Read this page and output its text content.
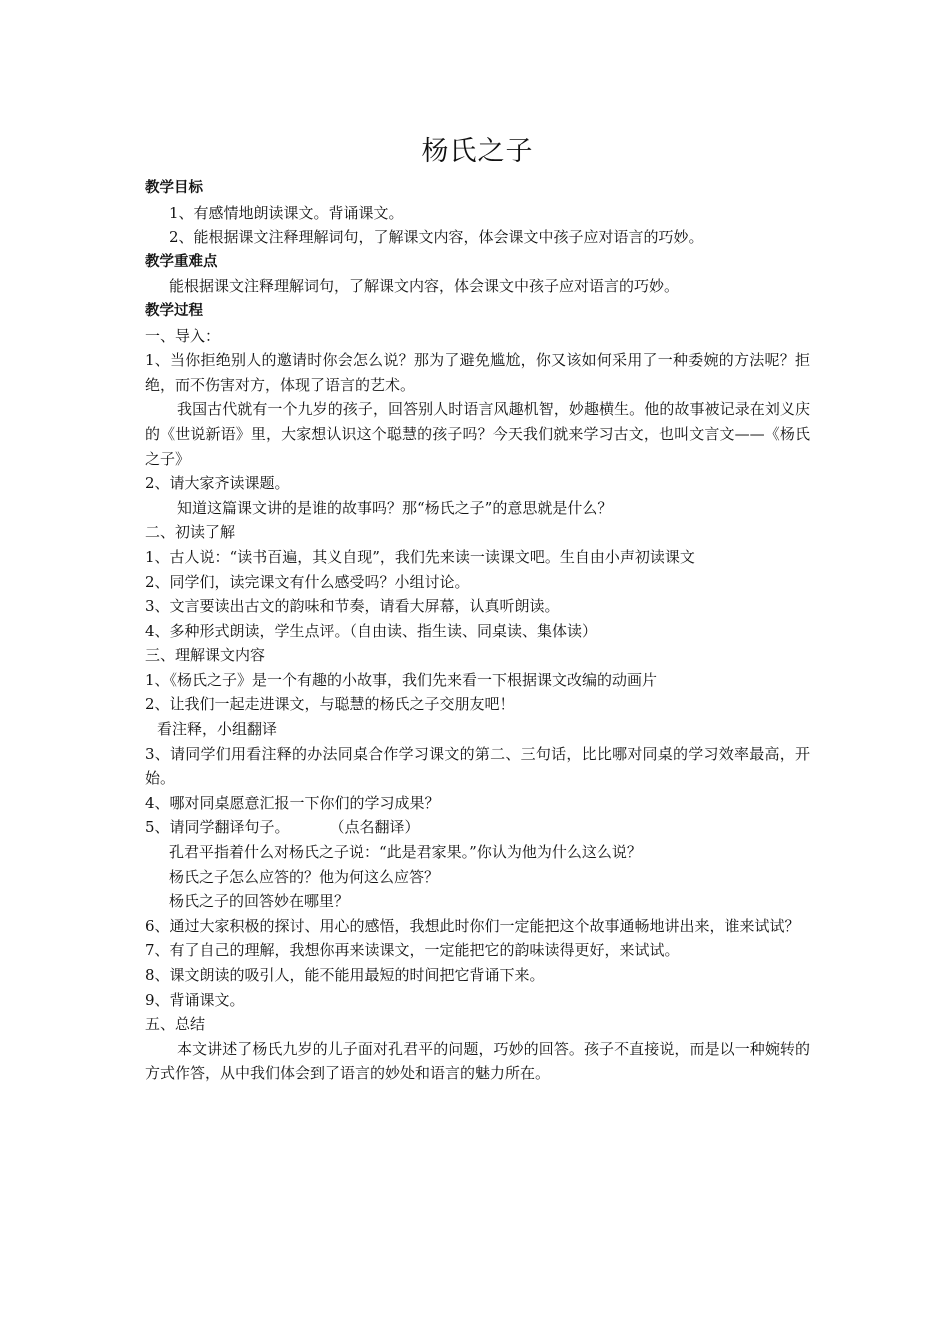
杨氏之子

教学目标

1、有感情地朗读课文。背诵课文。

2、能根据课文注释理解词句，了解课文内容，体会课文中孩子应对语言的巧妙。

教学重难点

能根据课文注释理解词句，了解课文内容，体会课文中孩子应对语言的巧妙。

教学过程

一、导入：

1、当你拒绝别人的邀请时你会怎么说？那为了避免尴尬，你又该如何采用了一种委婉的方法呢？拒绝，而不伤害对方，体现了语言的艺术。

我国古代就有一个九岁的孩子，回答别人时语言风趣机智，妙趣横生。他的故事被记录在刘义庆的《世说新语》里，大家想认识这个聪慧的孩子吗？今天我们就来学习古文，也叫文言文——《杨氏之子》

2、请大家齐读课题。

知道这篇课文讲的是谁的故事吗？那“杨氏之子”的意思就是什么？

二、初读了解

1、古人说：“读书百遍，其义自现”，我们先来读一读课文吧。生自由小声初读课文

2、同学们，读完课文有什么感受吗？小组讨论。

3、文言要读出古文的韵味和节奏，请看大屏幕，认真听朗读。

4、多种形式朗读，学生点评。（自由读、指生读、同桌读、集体读）

三、理解课文内容

1、《杨氏之子》是一个有趣的小故事，我们先来看一下根据课文改编的动画片

2、让我们一起走进课文，与聪慧的杨氏之子交朋友吧！

看注释，小组翻译

3、请同学们用看注释的办法同桌合作学习课文的第二、三句话，比比哪对同桌的学习效率最高，开始。

4、哪对同桌愿意汇报一下你们的学习成果？

5、请同学翻译句子。	（点名翻译）

孔君平指着什么对杨氏之子说：“此是君家果。”你认为他为什么这么说？

杨氏之子怎么应答的？他为何这么应答？

杨氏之子的回答妙在哪里？

6、通过大家积极的探讨、用心的感悟，我想此时你们一定能把这个故事通畅地讲出来，谁来试试？

7、有了自己的理解，我想你再来读课文，一定能把它的韵味读得更好，来试试。

8、课文朗读的吸引人，能不能用最短的时间把它背诵下来。

9、背诵课文。

五、总结

本文讲述了杨氏九岁的儿子面对孔君平的问题，巧妙的回答。孩子不直接说，而是以一种婉转的方式作答，从中我们体会到了语言的妙处和语言的魅力所在。
